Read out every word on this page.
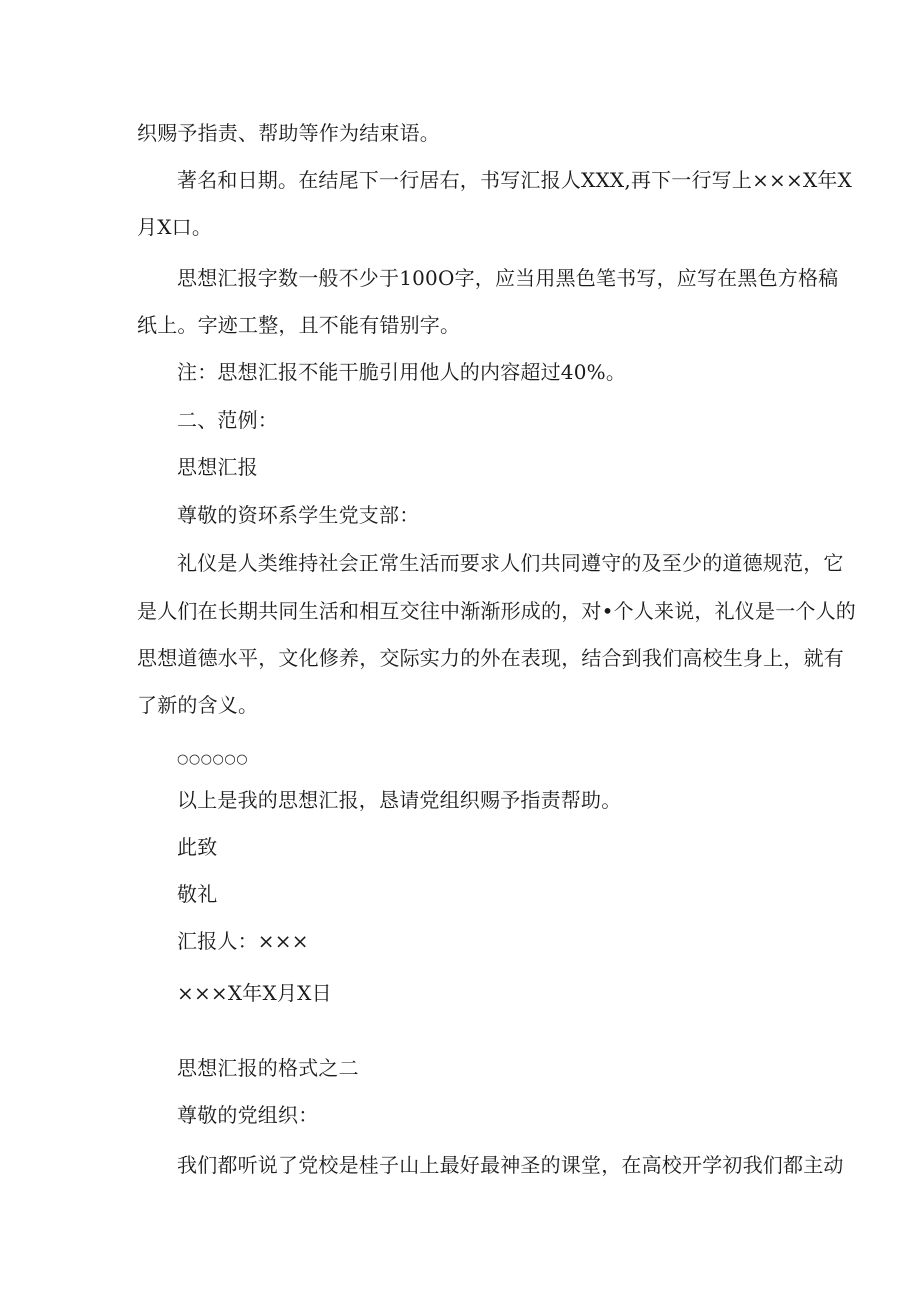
织赐予指责、帮助等作为结束语。
著名和日期。在结尾下一行居右，书写汇报人XXX,再下一行写上×××X年X
月X口。
思想汇报字数一般不少于100O字，应当用黑色笔书写，应写在黑色方格稿
纸上。字迹工整，且不能有错别字。
注：思想汇报不能干脆引用他人的内容超过40%。
二、范例：
思想汇报
尊敬的资环系学生党支部：
礼仪是人类维持社会正常生活而要求人们共同遵守的及至少的道德规范，它
是人们在长期共同生活和相互交往中渐渐形成的，对•个人来说，礼仪是一个人的
思想道德水平，文化修养，交际实力的外在表现，结合到我们高校生身上，就有
了新的含义。
○○○○○○
以上是我的思想汇报，恳请党组织赐予指责帮助。
此致
敬礼
汇报人：×××
×××X年X月X日
思想汇报的格式之二
尊敬的党组织：
我们都听说了党校是桂子山上最好最神圣的课堂，在高校开学初我们都主动
